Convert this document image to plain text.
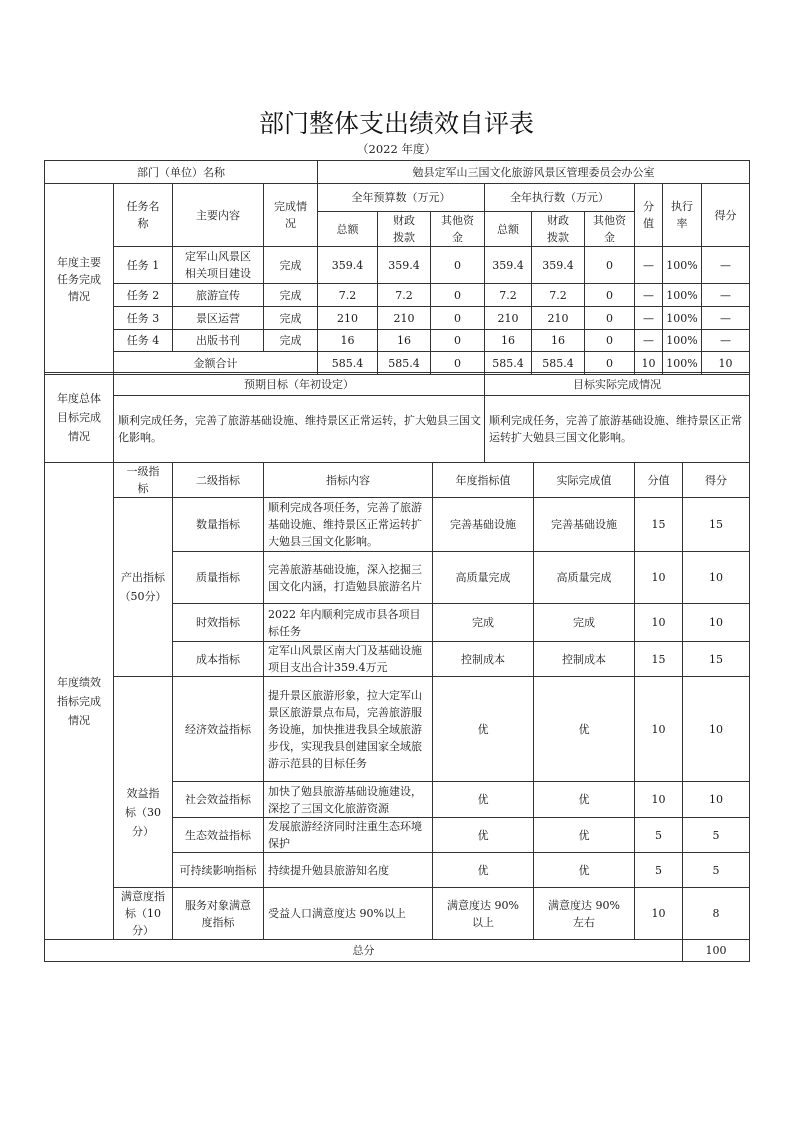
部门整体支出绩效自评表
（2022 年度）
部门（单位）名称				勉县定军山三国文化旅游风景区管理委员会办公室								
年度主要任务完成情况	任务名称	主要内容	完成情况	全年预算数（万元）			全年执行数（万元）			分值	执行率	得分
				总额	财政拨款	其他资金	总额	财政拨款	其他资金			
	任务 1	定军山风景区相关项目建设	完成	359.4	359.4	0	359.4	359.4	0	—	100%	—
	任务 2	旅游宣传	完成	7.2	7.2	0	7.2	7.2	0	—	100%	—
	任务 3	景区运营	完成	210	210	0	210	210	0	—	100%	—
	任务 4	出版书刊	完成	16	16	0	16	16	0	—	100%	—
	金额合计			585.4	585.4	0	585.4	585.4	0	10	100%	10
年度总体目标完成情况	预期目标（年初设定）	目标实际完成情况
	顺利完成任务，完善了旅游基础设施、维持景区正常运转，扩大勉县三国文化影响。	顺利完成任务，完善了旅游基础设施、维持景区正常运转扩大勉县三国文化影响。
年度绩效指标完成情况	一级指标	二级指标	指标内容	年度指标值	实际完成值	分值	得分	
	产出指标（50分）	数量指标	顺利完成各项任务，完善了旅游基础设施、维持景区正常运转扩大勉县三国文化影响。	完善基础设施	完善基础设施	15	15	
		质量指标	完善旅游基础设施，深入挖掘三国文化内涵，打造勉县旅游名片	高质量完成	高质量完成	10	10	
		时效指标	2022 年内顺利完成市县各项目标任务	完成	完成	10	10	
		成本指标	定军山风景区南大门及基础设施项目支出合计359.4万元	控制成本	控制成本	15	15	
	效益指标（30分）	经济效益指标	提升景区旅游形象，拉大定军山景区旅游景点布局，完善旅游服务设施，加快推进我县全域旅游步伐，实现我县创建国家全域旅游示范县的目标任务	优	优	10	10	
		社会效益指标	加快了勉县旅游基础设施建设，深挖了三国文化旅游资源	优	优	10	10	
		生态效益指标	发展旅游经济同时注重生态环境保护	优	优	5	5	
		可持续影响指标	持续提升勉县旅游知名度	优	优	5	5	
	满意度指标（10分）	服务对象满意度指标	受益人口满意度达 90%以上	满意度达 90%以上	满意度达 90%左右	10	8	
总分							100	
